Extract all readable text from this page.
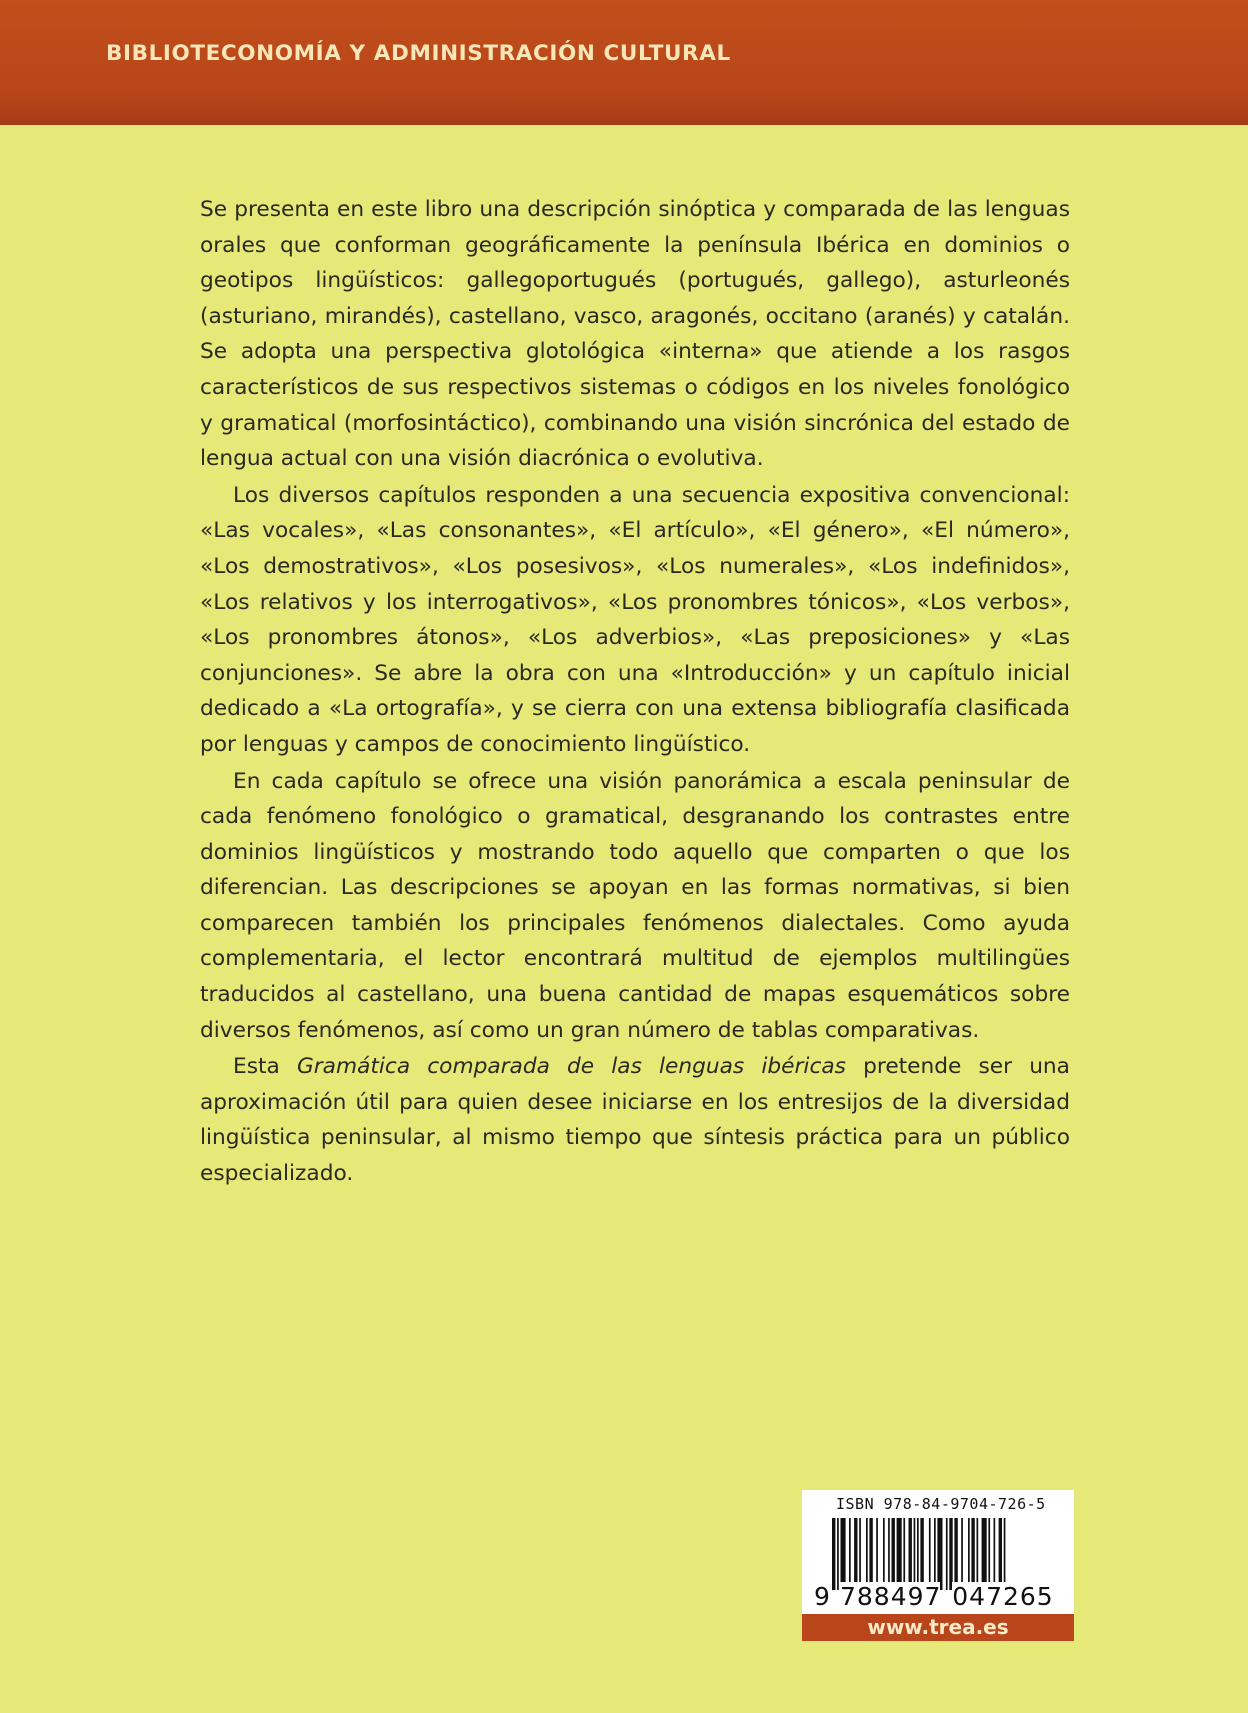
BIBLIOTECONOMÍA Y ADMINISTRACIÓN CULTURAL

Se presenta en este libro una descripción sinóptica y comparada de las lenguas orales que conforman geográficamente la península Ibérica en dominios o geotipos lingüísticos: gallegoportugués (portugués, gallego), asturleonés (asturiano, mirandés), castellano, vasco, aragonés, occitano (aranés) y catalán. Se adopta una perspectiva glotológica «interna» que atiende a los rasgos característicos de sus respectivos sistemas o códigos en los niveles fonológico y gramatical (morfosintáctico), combinando una visión sincrónica del estado de lengua actual con una visión diacrónica o evolutiva.

Los diversos capítulos responden a una secuencia expositiva convencional: «Las vocales», «Las consonantes», «El artículo», «El género», «El número», «Los demostrativos», «Los posesivos», «Los numerales», «Los indefinidos», «Los relativos y los interrogativos», «Los pronombres tónicos», «Los verbos», «Los pronombres átonos», «Los adverbios», «Las preposiciones» y «Las conjunciones». Se abre la obra con una «Introducción» y un capítulo inicial dedicado a «La ortografía», y se cierra con una extensa bibliografía clasificada por lenguas y campos de conocimiento lingüístico.

En cada capítulo se ofrece una visión panorámica a escala peninsular de cada fenómeno fonológico o gramatical, desgranando los contrastes entre dominios lingüísticos y mostrando todo aquello que comparten o que los diferencian. Las descripciones se apoyan en las formas normativas, si bien comparecen también los principales fenómenos dialectales. Como ayuda complementaria, el lector encontrará multitud de ejemplos multilingües traducidos al castellano, una buena cantidad de mapas esquemáticos sobre diversos fenómenos, así como un gran número de tablas comparativas.

Esta Gramática comparada de las lenguas ibéricas pretende ser una aproximación útil para quien desee iniciarse en los entresijos de la diversidad lingüística peninsular, al mismo tiempo que síntesis práctica para un público especializado.

ISBN 978-84-9704-726-5
9 788497 047265
www.trea.es
